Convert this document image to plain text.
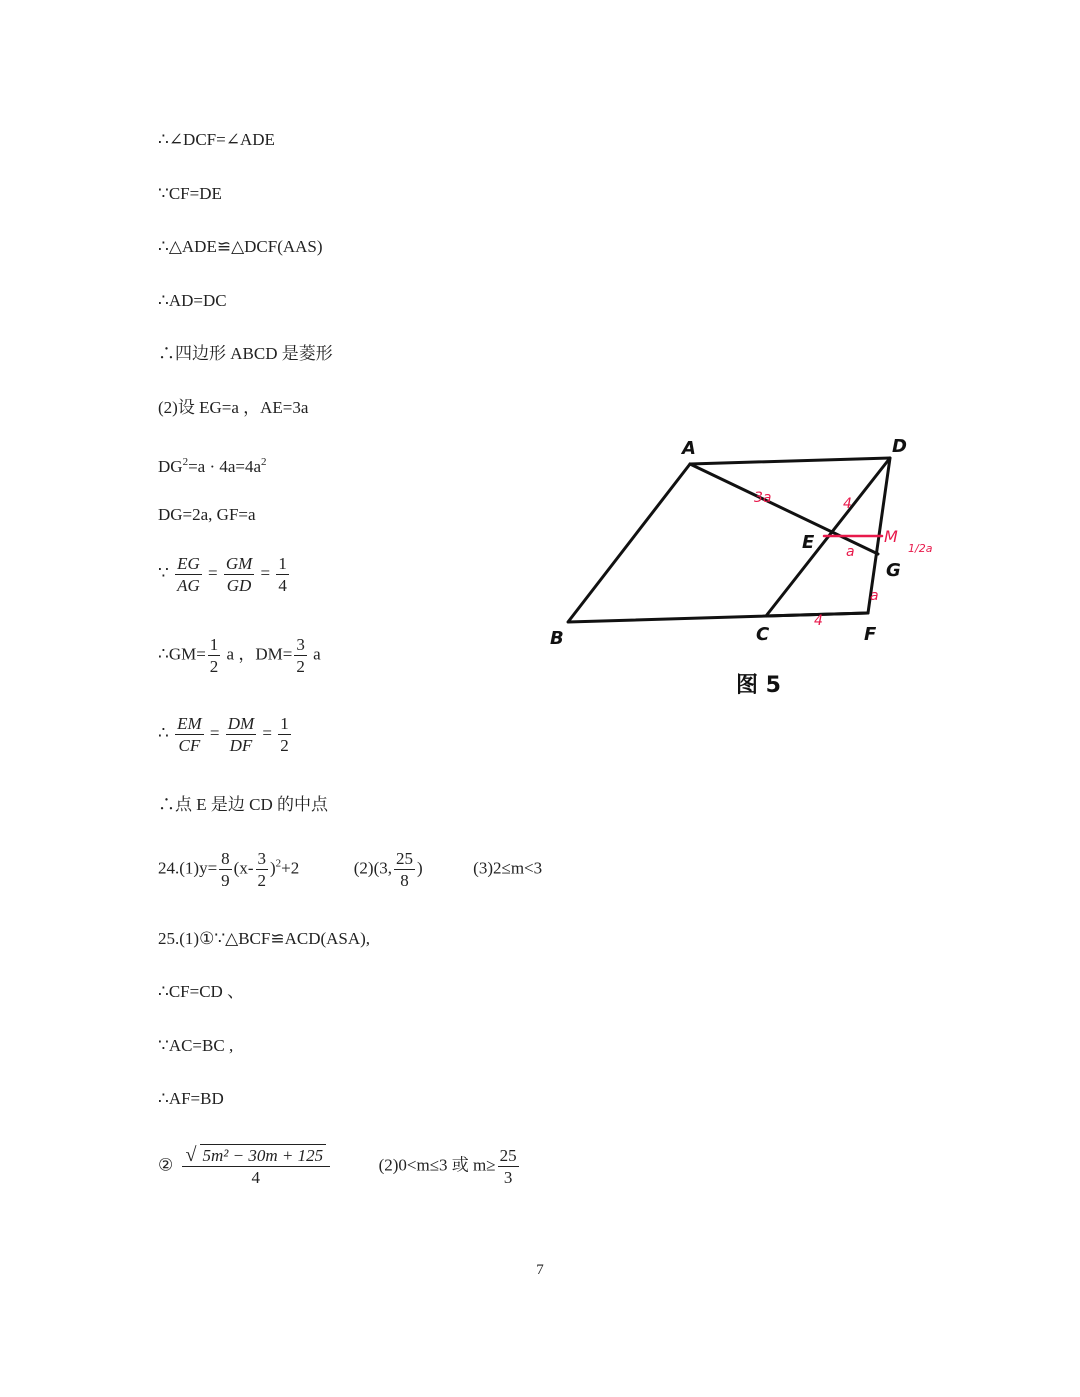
∴∠DCF=∠ADE
∵CF=DE
∴△ADE≌△DCF(AAS)
∴AD=DC
∴四边形 ABCD 是菱形
(2)设 EG=a ，AE=3a
$DG^2=a \cdot 4a=4a^2$
DG=2a, GF=a
∵ $\frac{EG}{AG} = \frac{GM}{GD} = \frac{1}{4}$
∴GM= $\frac{1}{2}$ a ，$DM= \frac{3}{2}$ a
∴ $\frac{EM}{CF} = \frac{DM}{DF} = \frac{1}{2}$
∴点 E 是边 CD 的中点
$24.(1)y= \frac{8}{9} (x- \frac{3}{2} )^2+2$	(2)(3, $\frac{25}{8}$ )	(3)2≤m<3
25.(1)①∵△BCF≌ACD(ASA),
∴CF=CD 、
∵AC=BC ,
∴AF=BD
② $\frac{\text{√ 5m² − 30m + 125}}{4}$	(2)0<m≤3 或 $m\ge \frac{25}{3}$
3a	4
a
4
a
M
1/2a
A	D
E
G
B	C	F
图 5
7
